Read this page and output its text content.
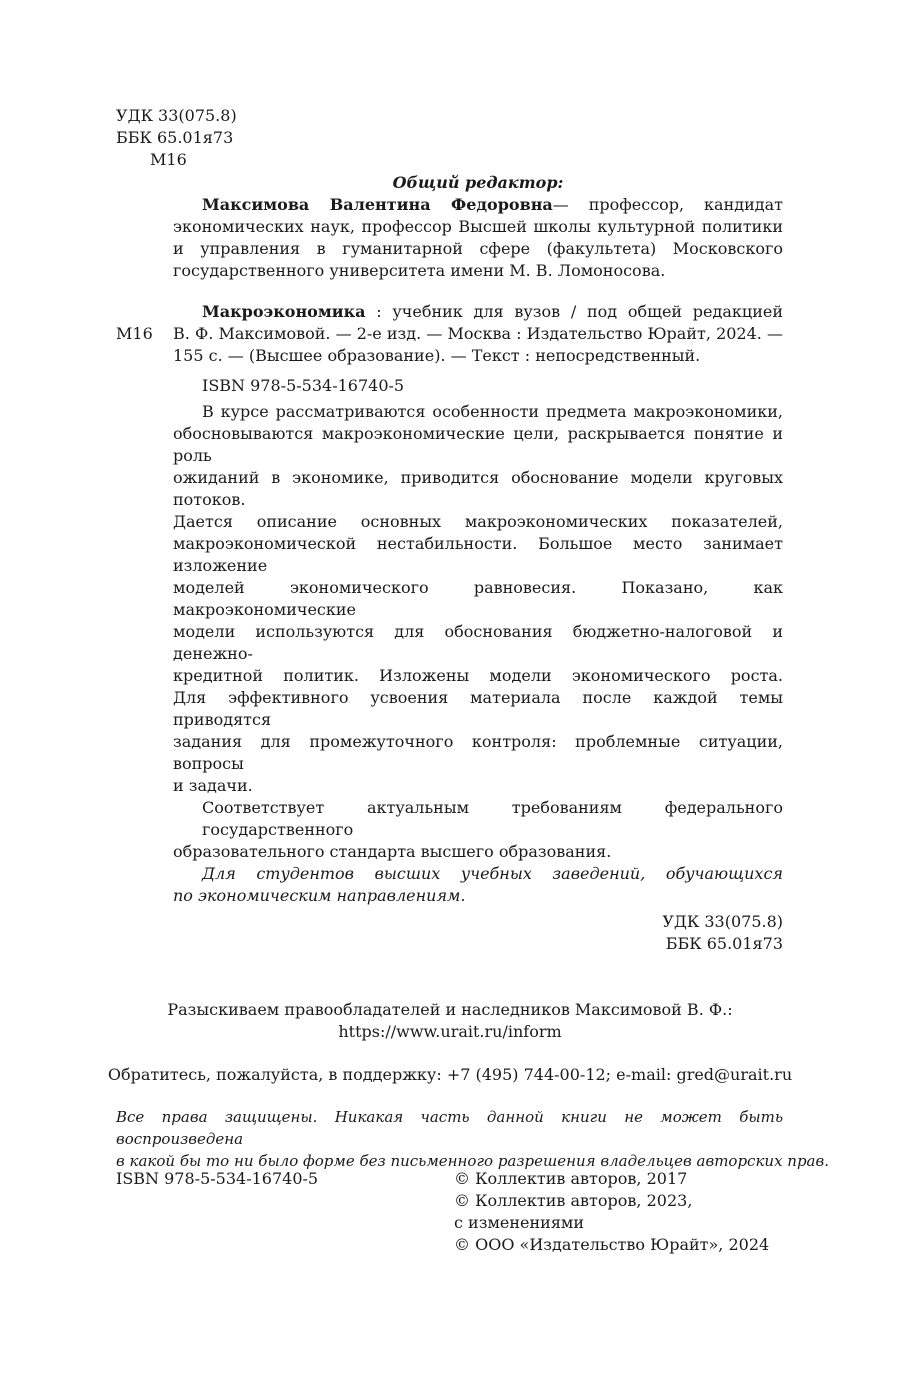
УДК 33(075.8)
ББК 65.01я73
М16
Общий редактор:
Максимова Валентина Федоровна— профессор, кандидат
экономических наук, профессор Высшей школы культурной политики
и управления в гуманитарной сфере (факультета) Московского
государственного университета имени М. В. Ломоносова.
М16
Макроэкономика : учебник для вузов / под общей редакцией
В. Ф. Максимовой. — 2-е изд. — Москва : Издательство Юрайт, 2024. —
155 с. — (Высшее образование). — Текст : непосредственный.
ISBN 978-5-534-16740-5
В курсе рассматриваются особенности предмета макроэкономики,
обосновываются макроэкономические цели, раскрывается понятие и роль
ожиданий в экономике, приводится обоснование модели круговых потоков.
Дается описание основных макроэкономических показателей,
макроэкономической нестабильности. Большое место занимает изложение
моделей экономического равновесия. Показано, как макроэкономические
модели используются для обоснования бюджетно-налоговой и денежно-
кредитной политик. Изложены модели экономического роста.
Для эффективного усвоения материала после каждой темы приводятся
задания для промежуточного контроля: проблемные ситуации, вопросы
и задачи.
Соответствует актуальным требованиям федерального государственного
образовательного стандарта высшего образования.
Для студентов высших учебных заведений, обучающихся
по экономическим направлениям.
УДК 33(075.8)
ББК 65.01я73
Разыскиваем правообладателей и наследников Максимовой В. Ф.:
https://www.urait.ru/inform
Обратитесь, пожалуйста, в поддержку: +7 (495) 744-00-12; e-mail: gred@urait.ru
Все права защищены. Никакая часть данной книги не может быть воспроизведена
в какой бы то ни было форме без письменного разрешения владельцев авторских прав.
ISBN 978-5-534-16740-5	© Коллектив авторов, 2017
© Коллектив авторов, 2023,
с изменениями
© ООО «Издательство Юрайт», 2024
